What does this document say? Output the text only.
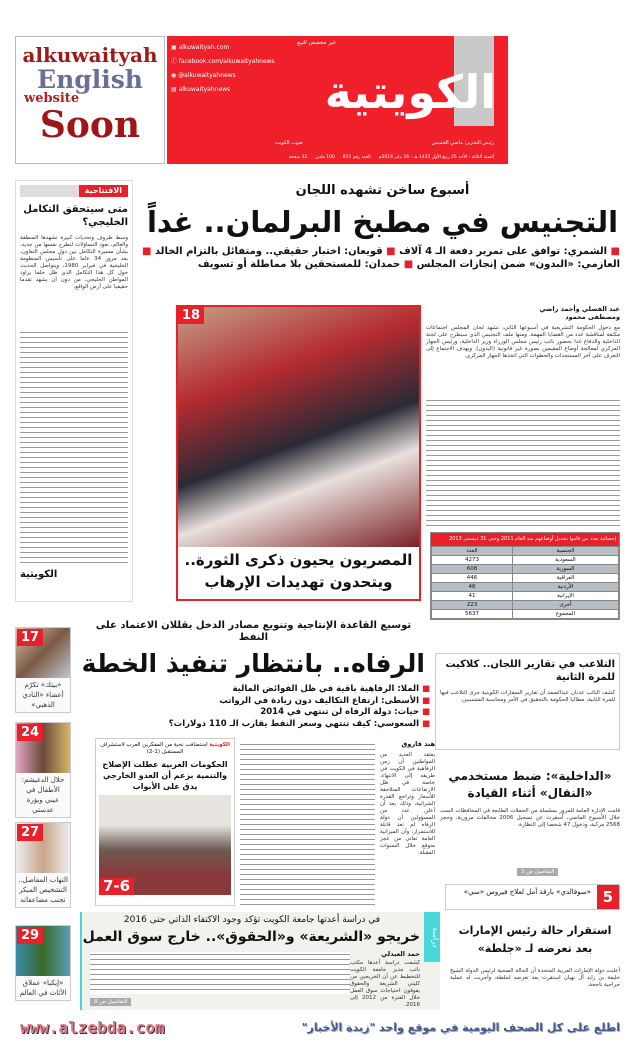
alkuwaityah
English
website
Soon
غير مخصص للبيع
الكويتية
▣ alkuwaityah.com
ⓕ facebook.com/alkuwaityahnews
◉ @alkuwaityahnews
▤ alkuwaityahnews
صوت الكويت	رئيس التحرير: ماضي الخميس
السنة الثالثة - الأحد 25 ربيع الأول 1435 هـ - 26 يناير 2014م
العدد رقم 811
100 فلس
32 صفحة
الافتتاحية
متى سيتحقق التكامل الخليجي؟
وسط ظروف وتحديات كبيرة تشهدها المنطقة والعالم، تعود التساؤلات لتطرح نفسها من جديد، بشأن مسيرة التكامل بين دول مجلس التعاون، بعد مرور 34 عاما على تأسيس المنظومة الخليجية في فبراير 1980، ويتواصل الحديث حول كل هذا التكامل الذي ظل حلما يراود المواطن الخليجي، من دون أن يشهد تقدما حقيقيا على أرض الواقع.
الكويتية
أسبوع ساخن تشهده اللجان
التجنيس في مطبخ البرلمان.. غداً
■ الشمري: توافق على تمرير دفعة الـ 4 آلاف ■ قويعان: اختبار حقيقي.. ومتفائل بالتزام الخالد ■ العازمي: «البدون» ضمن إنجازات المجلس ■ حمدان: للمستحقين بلا مماطلة أو تسويف
18
المصريون يحيون ذكرى الثورة..
ويتحدون تهديدات الإرهاب
عبد الفضلي وأحمد راضي ومصطفى محمود
مع دخول الحكومة التشريعية في أسبوعها الثاني، تشهد لجان المجلس اجتماعات مكثفة لمناقشة عدد من القضايا المهمة، ومنها ملف التجنيس الذي سيطرح على لجنة الداخلية والدفاع غدا بحضور نائب رئيس مجلس الوزراء وزير الداخلية، ورئيس الجهاز المركزي لمعالجة أوضاع المقيمين بصورة غير قانونية (البدون). ويهدف الاجتماع إلى التعرف على آخر المستجدات والخطوات التي اتخذها الجهاز المركزي.
إحصائية بعدد من قاموا بتعديل أوضاعهم منذ العام 2011 وحتى 31 ديسمبر 2013
الجنسية	العدد
السعودية	4273
السورية	608
العراقية	446
الأردنية	46
الإيرانية	41
أخرى	223
المجموع	5637
توسيع القاعدة الإنتاجية وتنويع مصادر الدخل يقللان الاعتماد على النفط
الرفاه.. بانتظار تنفيذ الخطة
■ الملا: الرفاهية باقية في ظل الفوائض المالية
■ الأسطى: ارتفاع التكاليف دون زيادة في الرواتب
■ حيات: دولة الرفاه لن تنتهي في 2014
■ السعوسي: كيف تنتهي وسعر النفط يقارب الـ 110 دولارات؟
هند فاروق
يعتقد العديد من المواطنين أن زمن الرفاهية في الكويت في طريقه إلى الانتهاء، خاصة في ظل الارتفاعات المتلاحقة للأسعار وتراجع القدرة الشرائية، وذلك بعد أن أعلن عدد من المسؤولين أن دولة الرفاه لم تعد قابلة للاستمرار، وأن الميزانية العامة تعاني من عجز متوقع خلال السنوات المقبلة.
الكويتية استضافت نخبة من المفكرين العرب لاستشراف المستقبل (1-2)
الحكومات العربية عطلت الإصلاح والتنمية بزعم أن العدو الخارجي يدق على الأبواب
7-6
17
«بيتك» تكرّم أعضاء «النادي الذهبي»
24
حلال الدغيشم: الأطفال في عيني وبؤرة عدستي
27
التهاب المفاصل.. التشخيص المبكر تجنب مضاعفاته
29
«إيكيا» عملاق الأثاث في العالم
التلاعب في تقارير اللجان.. كلاكيت للمرة الثانية
كشف النائب عدنان عبدالصمد أن تقارير السفارات الكويتية جرى التلاعب فيها للمرة الثانية، مطالبا الحكومة بالتحقيق في الأمر ومحاسبة المتسببين.
«الداخلية»: ضبط مستخدمي «النقال» أثناء القيادة
قامت الإدارة العامة للمرور بسلسلة من الحملات الطابعة في المحافظات الست خلال الأسبوع الماضي، أسفرت عن تسجيل 2006 مخالفات مرورية، وحجز 2568 مركبة، ودخول 47 شخصا إلى النظارة.
التفاصيل ص 3
5
«سوفالدي» بارقة أمل لعلاج فيروس «سي»
دراسة
في دراسة أعدتها جامعة الكويت تؤكد وجود الاكتفاء الذاتي حتى 2016
خريجو «الشريعة» و«الحقوق».. خارج سوق العمل
حمد العبدلي
كشفت دراسة أعدها مكتب نائب مدير جامعة الكويت للتخطيط عن أن الخريجين من كليتي الشريعة والحقوق يفوقون احتياجات سوق العمل خلال الفترة من 2012 إلى 2016.
التفاصيل ص 8
استقرار حالة رئيس الإمارات بعد تعرضه لـ «جلطة»
أعلنت دولة الإمارات العربية المتحدة أن الحالة الصحية لرئيس الدولة الشيخ خليفة بن زايد آل نهيان استقرت بعد تعرضه لجلطة، وأجريت له عملية جراحية ناجحة.
www.alzebda.com	اطلع على كل الصحف اليومية في موقع واحد "زبدة الأخبار"
